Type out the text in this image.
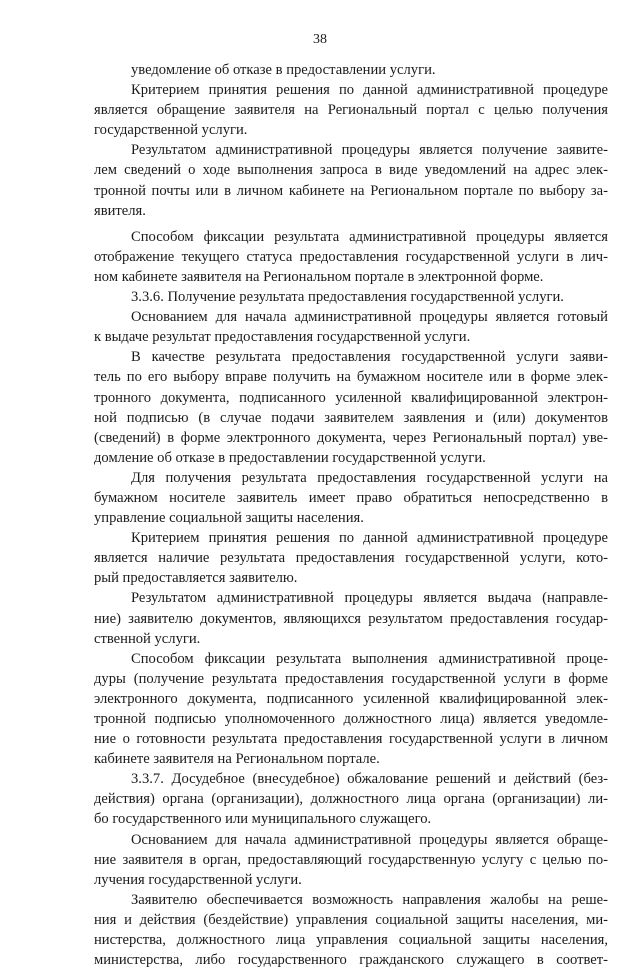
38
уведомление об отказе в предоставлении услуги.
Критерием принятия решения по данной административной процедуре
является обращение заявителя на Региональный портал с целью получения
государственной услуги.
Результатом административной процедуры является получение заявите-
лем сведений о ходе выполнения запроса в виде уведомлений на адрес элек-
тронной почты или в личном кабинете на Региональном портале по выбору за-
явителя.
Способом фиксации результата административной процедуры является
отображение текущего статуса предоставления государственной услуги в лич-
ном кабинете заявителя на Региональном портале в электронной форме.
3.3.6. Получение результата предоставления государственной услуги.
Основанием для начала административной процедуры является готовый
к выдаче результат предоставления государственной услуги.
В качестве результата предоставления государственной услуги заяви-
тель по его выбору вправе получить на бумажном носителе или в форме элек-
тронного документа, подписанного усиленной квалифицированной электрон-
ной подписью (в случае подачи заявителем заявления и (или) документов
(сведений) в форме электронного документа, через Региональный портал) уве-
домление об отказе в предоставлении государственной услуги.
Для получения результата предоставления государственной услуги на
бумажном носителе заявитель имеет право обратиться непосредственно в
управление социальной защиты населения.
Критерием принятия решения по данной административной процедуре
является наличие результата предоставления государственной услуги, кото-
рый предоставляется заявителю.
Результатом административной процедуры является выдача (направле-
ние) заявителю документов, являющихся результатом предоставления государ-
ственной услуги.
Способом фиксации результата выполнения административной проце-
дуры (получение результата предоставления государственной услуги в форме
электронного документа, подписанного усиленной квалифицированной элек-
тронной подписью уполномоченного должностного лица) является уведомле-
ние о готовности результата предоставления государственной услуги в личном
кабинете заявителя на Региональном портале.
3.3.7. Досудебное (внесудебное) обжалование решений и действий (без-
действия) органа (организации), должностного лица органа (организации) ли-
бо государственного или муниципального служащего.
Основанием для начала административной процедуры является обраще-
ние заявителя в орган, предоставляющий государственную услугу с целью по-
лучения государственной услуги.
Заявителю обеспечивается возможность направления жалобы на реше-
ния и действия (бездействие) управления социальной защиты населения, ми-
нистерства, должностного лица управления социальной защиты населения,
министерства, либо государственного гражданского служащего в соответ-
